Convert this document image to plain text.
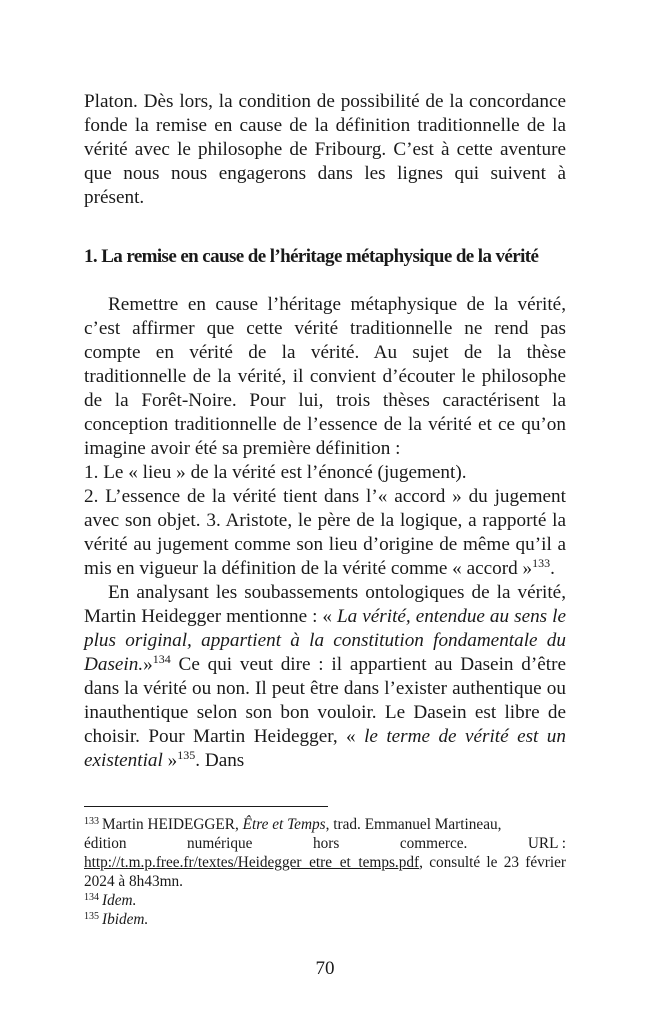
Platon. Dès lors, la condition de possibilité de la concordance fonde la remise en cause de la définition traditionnelle de la vérité avec le philosophe de Fribourg. C’est à cette aventure que nous nous engagerons dans les lignes qui suivent à présent.

1. La remise en cause de l’héritage métaphysique de la vérité

Remettre en cause l’héritage métaphysique de la vérité, c’est affirmer que cette vérité traditionnelle ne rend pas compte en vérité de la vérité. Au sujet de la thèse traditionnelle de la vérité, il convient d’écouter le philosophe de la Forêt-Noire. Pour lui, trois thèses caractérisent la conception traditionnelle de l’essence de la vérité et ce qu’on imagine avoir été sa première définition :

1. Le « lieu » de la vérité est l’énoncé (jugement).

2. L’essence de la vérité tient dans l’« accord » du jugement avec son objet. 3. Aristote, le père de la logique, a rapporté la vérité au jugement comme son lieu d’origine de même qu’il a mis en vigueur la définition de la vérité comme « accord »$^{133}$.

En analysant les soubassements ontologiques de la vérité, Martin Heidegger mentionne : « La vérité, entendue au sens le plus original, appartient à la constitution fondamentale du Dasein.»$^{134}$ Ce qui veut dire : il appartient au Dasein d’être dans la vérité ou non. Il peut être dans l’exister authentique ou inauthentique selon son bon vouloir. Le Dasein est libre de choisir. Pour Martin Heidegger, « le terme de vérité est un existential »$^{135}$. Dans

$^{133}$ Martin HEIDEGGER, Être et Temps, trad. Emmanuel Martineau,
édition	numérique	hors	commerce.	URL :
http://t.m.p.free.fr/textes/Heidegger_etre_et_temps.pdf, consulté le 23 février 2024 à 8h43mn.
$^{134}$ Idem.
$^{135}$ Ibidem.
70
